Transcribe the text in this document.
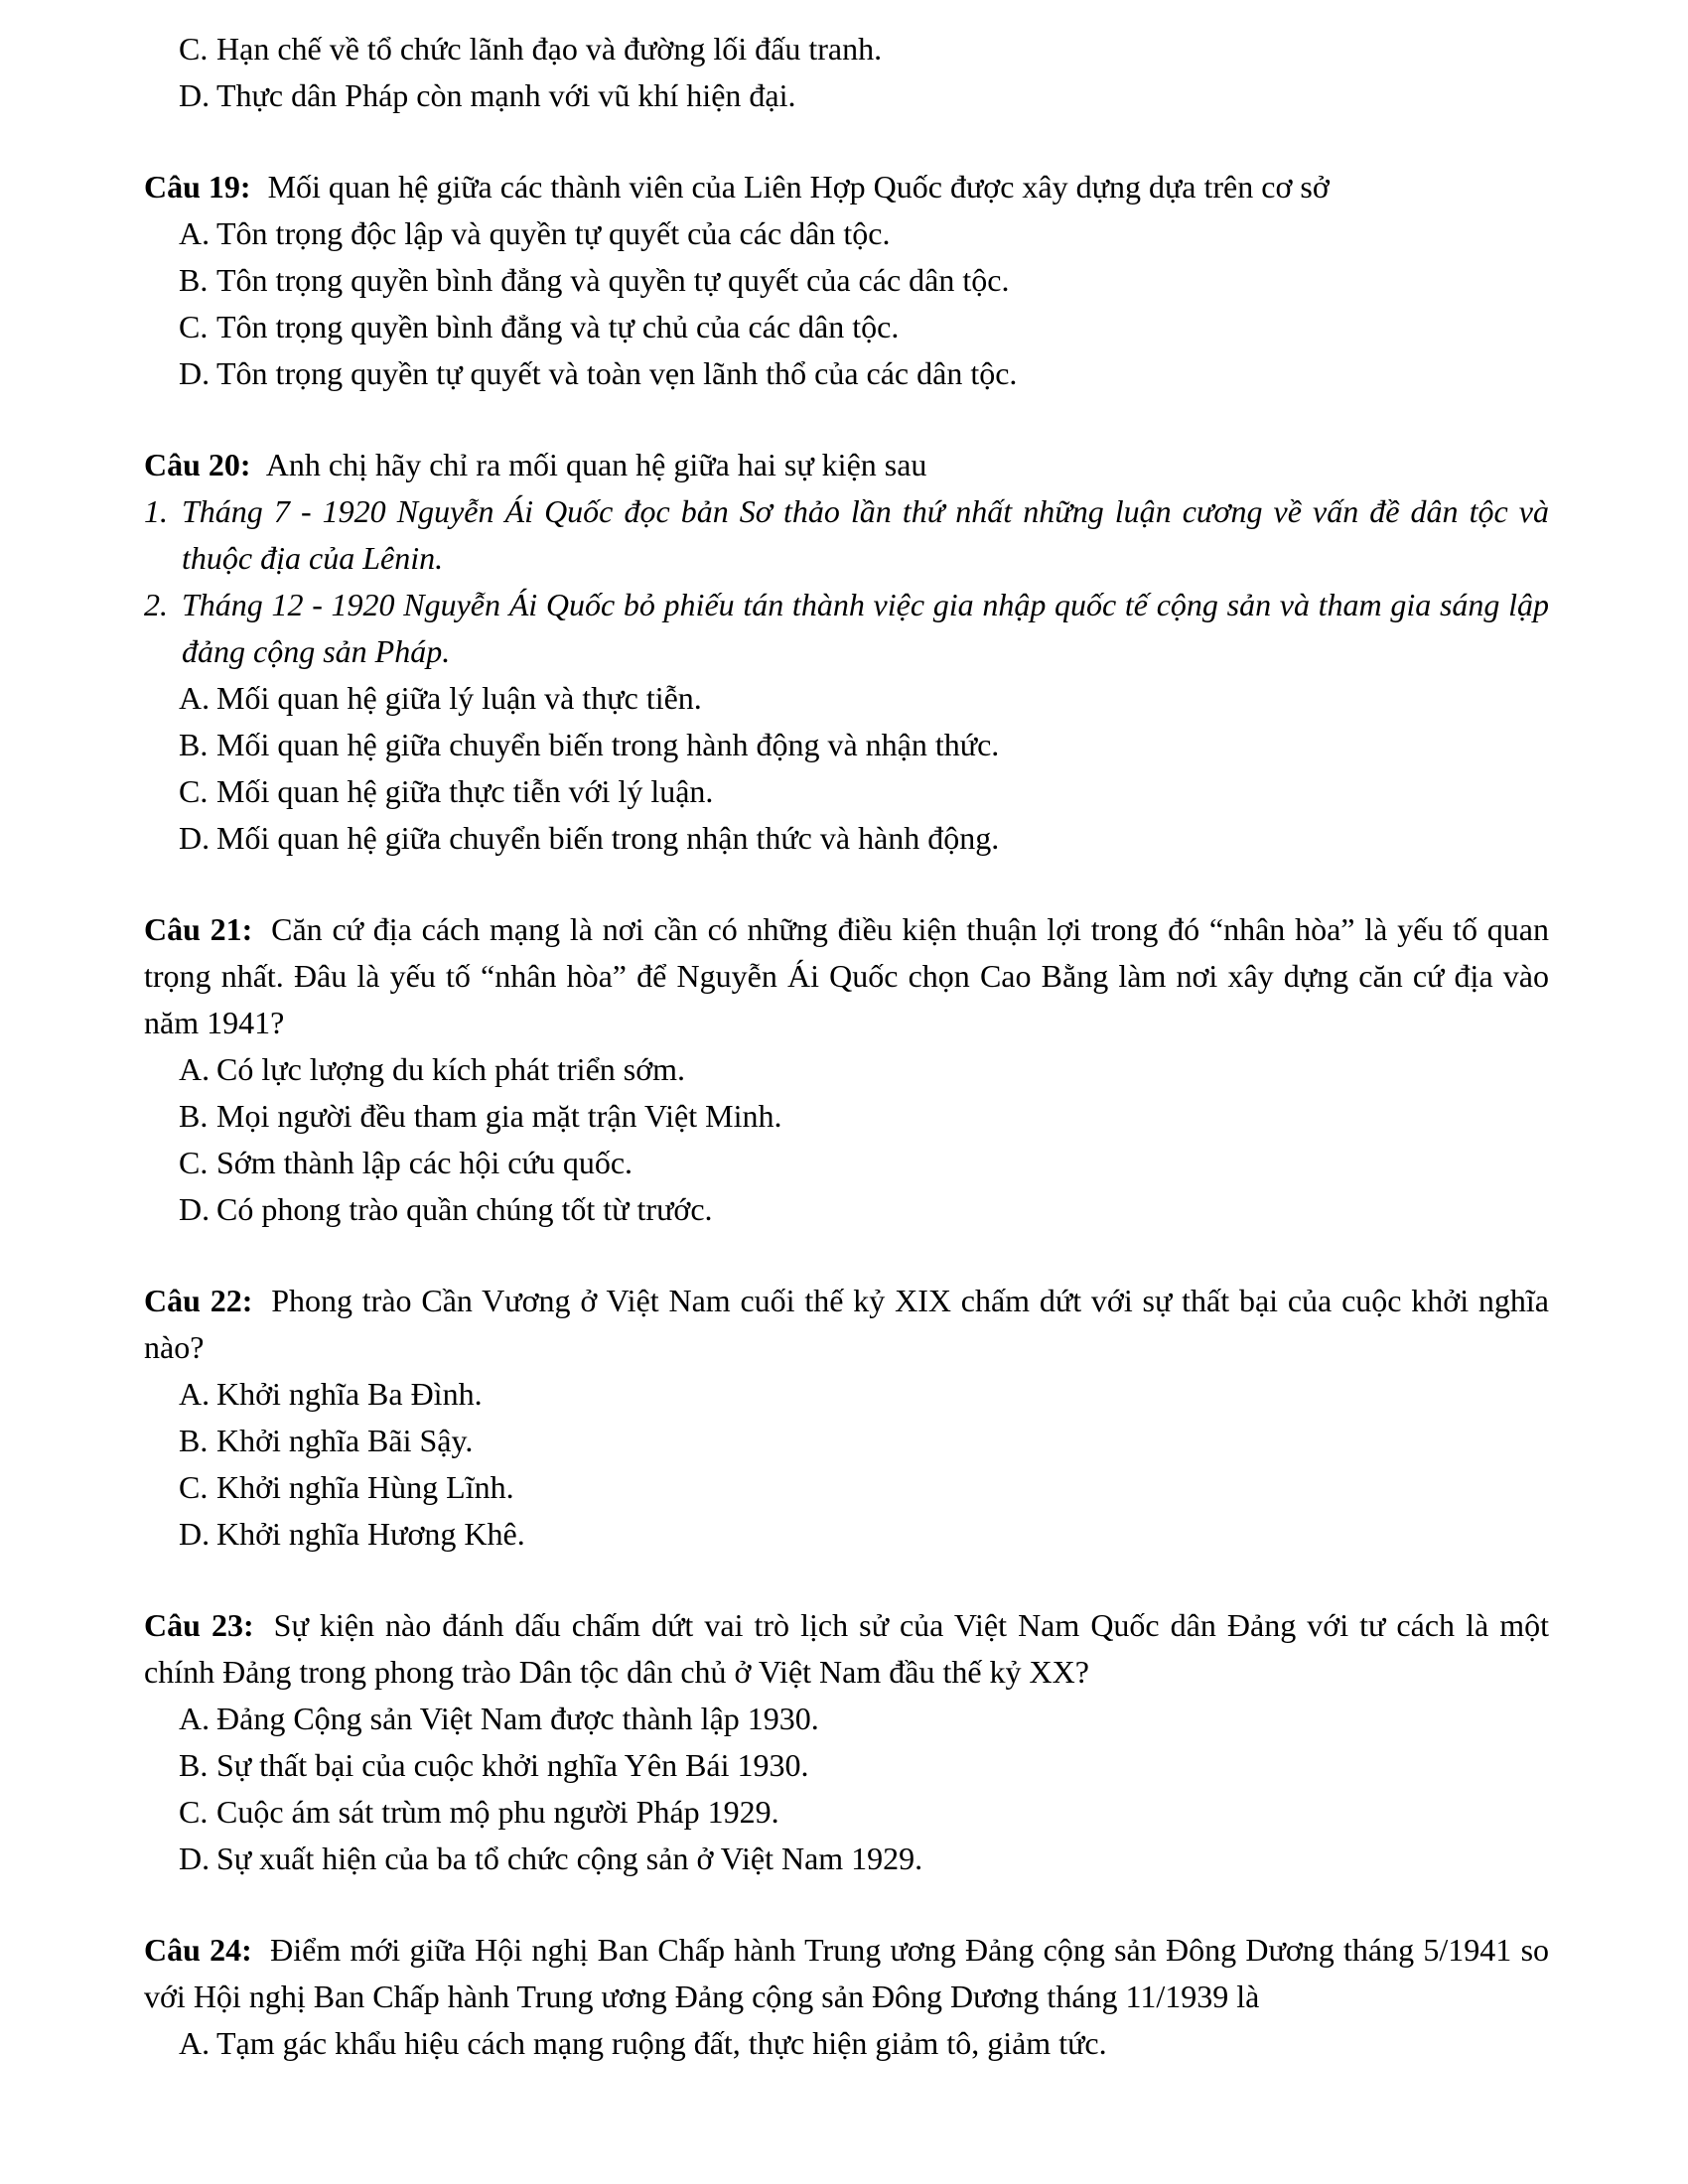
C. Hạn chế về tổ chức lãnh đạo và đường lối đấu tranh.
D. Thực dân Pháp còn mạnh với vũ khí hiện đại.

Câu 19: Mối quan hệ giữa các thành viên của Liên Hợp Quốc được xây dựng dựa trên cơ sở

A. Tôn trọng độc lập và quyền tự quyết của các dân tộc.
B. Tôn trọng quyền bình đẳng và quyền tự quyết của các dân tộc.
C. Tôn trọng quyền bình đẳng và tự chủ của các dân tộc.
D. Tôn trọng quyền tự quyết và toàn vẹn lãnh thổ của các dân tộc.

Câu 20: Anh chị hãy chỉ ra mối quan hệ giữa hai sự kiện sau

1. Tháng 7 - 1920 Nguyễn Ái Quốc đọc bản Sơ thảo lần thứ nhất những luận cương về vấn đề dân tộc và thuộc địa của Lênin.
2. Tháng 12 - 1920 Nguyễn Ái Quốc bỏ phiếu tán thành việc gia nhập quốc tế cộng sản và tham gia sáng lập đảng cộng sản Pháp.
A. Mối quan hệ giữa lý luận và thực tiễn.
B. Mối quan hệ giữa chuyển biến trong hành động và nhận thức.
C. Mối quan hệ giữa thực tiễn với lý luận.
D. Mối quan hệ giữa chuyển biến trong nhận thức và hành động.

Câu 21: Căn cứ địa cách mạng là nơi cần có những điều kiện thuận lợi trong đó “nhân hòa” là yếu tố quan trọng nhất. Đâu là yếu tố “nhân hòa” để Nguyễn Ái Quốc chọn Cao Bằng làm nơi xây dựng căn cứ địa vào năm 1941?

A. Có lực lượng du kích phát triển sớm.
B. Mọi người đều tham gia mặt trận Việt Minh.
C. Sớm thành lập các hội cứu quốc.
D. Có phong trào quần chúng tốt từ trước.

Câu 22: Phong trào Cần Vương ở Việt Nam cuối thế kỷ XIX chấm dứt với sự thất bại của cuộc khởi nghĩa nào?

A. Khởi nghĩa Ba Đình.
B. Khởi nghĩa Bãi Sậy.
C. Khởi nghĩa Hùng Lĩnh.
D. Khởi nghĩa Hương Khê.

Câu 23: Sự kiện nào đánh dấu chấm dứt vai trò lịch sử của Việt Nam Quốc dân Đảng với tư cách là một chính Đảng trong phong trào Dân tộc dân chủ ở Việt Nam đầu thế kỷ XX?

A. Đảng Cộng sản Việt Nam được thành lập 1930.
B. Sự thất bại của cuộc khởi nghĩa Yên Bái 1930.
C. Cuộc ám sát trùm mộ phu người Pháp 1929.
D. Sự xuất hiện của ba tổ chức cộng sản ở Việt Nam 1929.

Câu 24: Điểm mới giữa Hội nghị Ban Chấp hành Trung ương Đảng cộng sản Đông Dương tháng 5/1941 so với Hội nghị Ban Chấp hành Trung ương Đảng cộng sản Đông Dương tháng 11/1939 là

A. Tạm gác khẩu hiệu cách mạng ruộng đất, thực hiện giảm tô, giảm tức.
